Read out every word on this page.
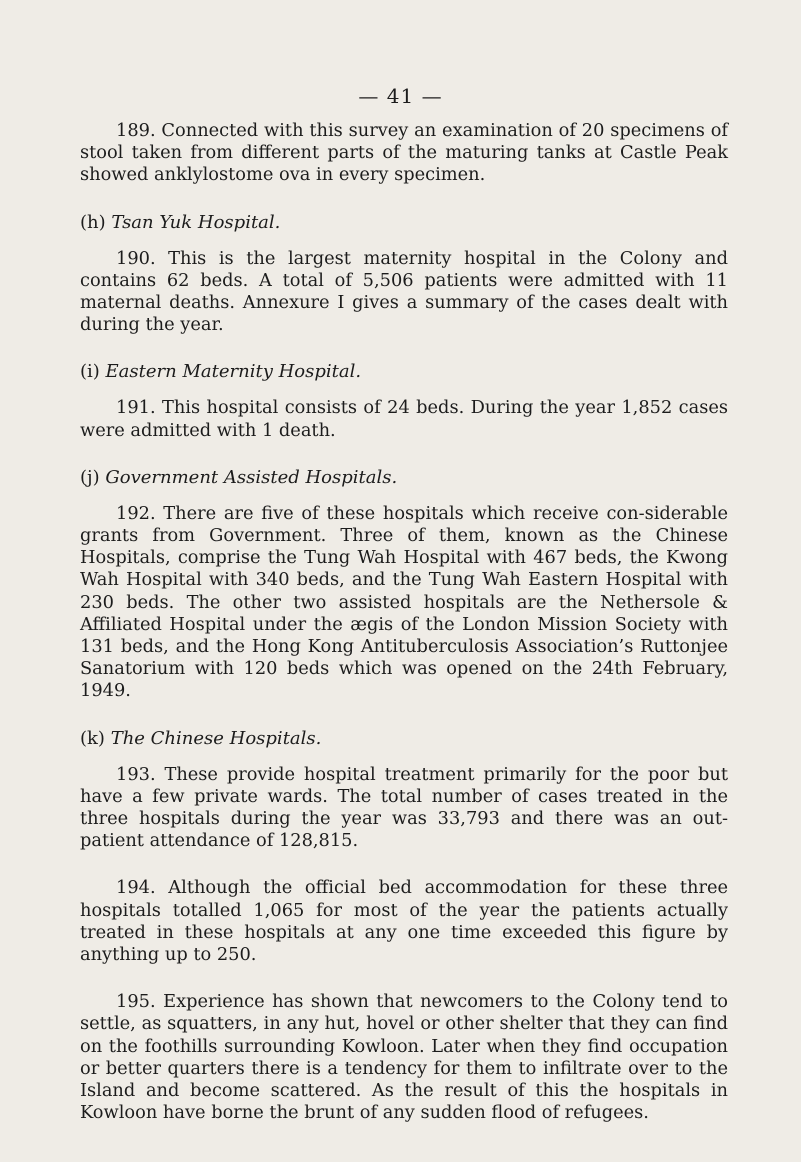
— 41 —

189. Connected with this survey an examination of 20 specimens of stool taken from different parts of the maturing tanks at Castle Peak showed anklylostome ova in every specimen.

(h) Tsan Yuk Hospital.

190. This is the largest maternity hospital in the Colony and contains 62 beds. A total of 5,506 patients were admitted with 11 maternal deaths. Annexure I gives a summary of the cases dealt with during the year.

(i) Eastern Maternity Hospital.

191. This hospital consists of 24 beds. During the year 1,852 cases were admitted with 1 death.

(j) Government Assisted Hospitals.

192. There are five of these hospitals which receive con-siderable grants from Government. Three of them, known as the Chinese Hospitals, comprise the Tung Wah Hospital with 467 beds, the Kwong Wah Hospital with 340 beds, and the Tung Wah Eastern Hospital with 230 beds. The other two assisted hospitals are the Nethersole & Affiliated Hospital under the ægis of the London Mission Society with 131 beds, and the Hong Kong Antituberculosis Association’s Ruttonjee Sanatorium with 120 beds which was opened on the 24th February, 1949.

(k) The Chinese Hospitals.

193. These provide hospital treatment primarily for the poor but have a few private wards. The total number of cases treated in the three hospitals during the year was 33,793 and there was an out-patient attendance of 128,815.

194. Although the official bed accommodation for these three hospitals totalled 1,065 for most of the year the patients actually treated in these hospitals at any one time exceeded this figure by anything up to 250.

195. Experience has shown that newcomers to the Colony tend to settle, as squatters, in any hut, hovel or other shelter that they can find on the foothills surrounding Kowloon. Later when they find occupation or better quarters there is a tendency for them to infiltrate over to the Island and become scattered. As the result of this the hospitals in Kowloon have borne the brunt of any sudden flood of refugees.
